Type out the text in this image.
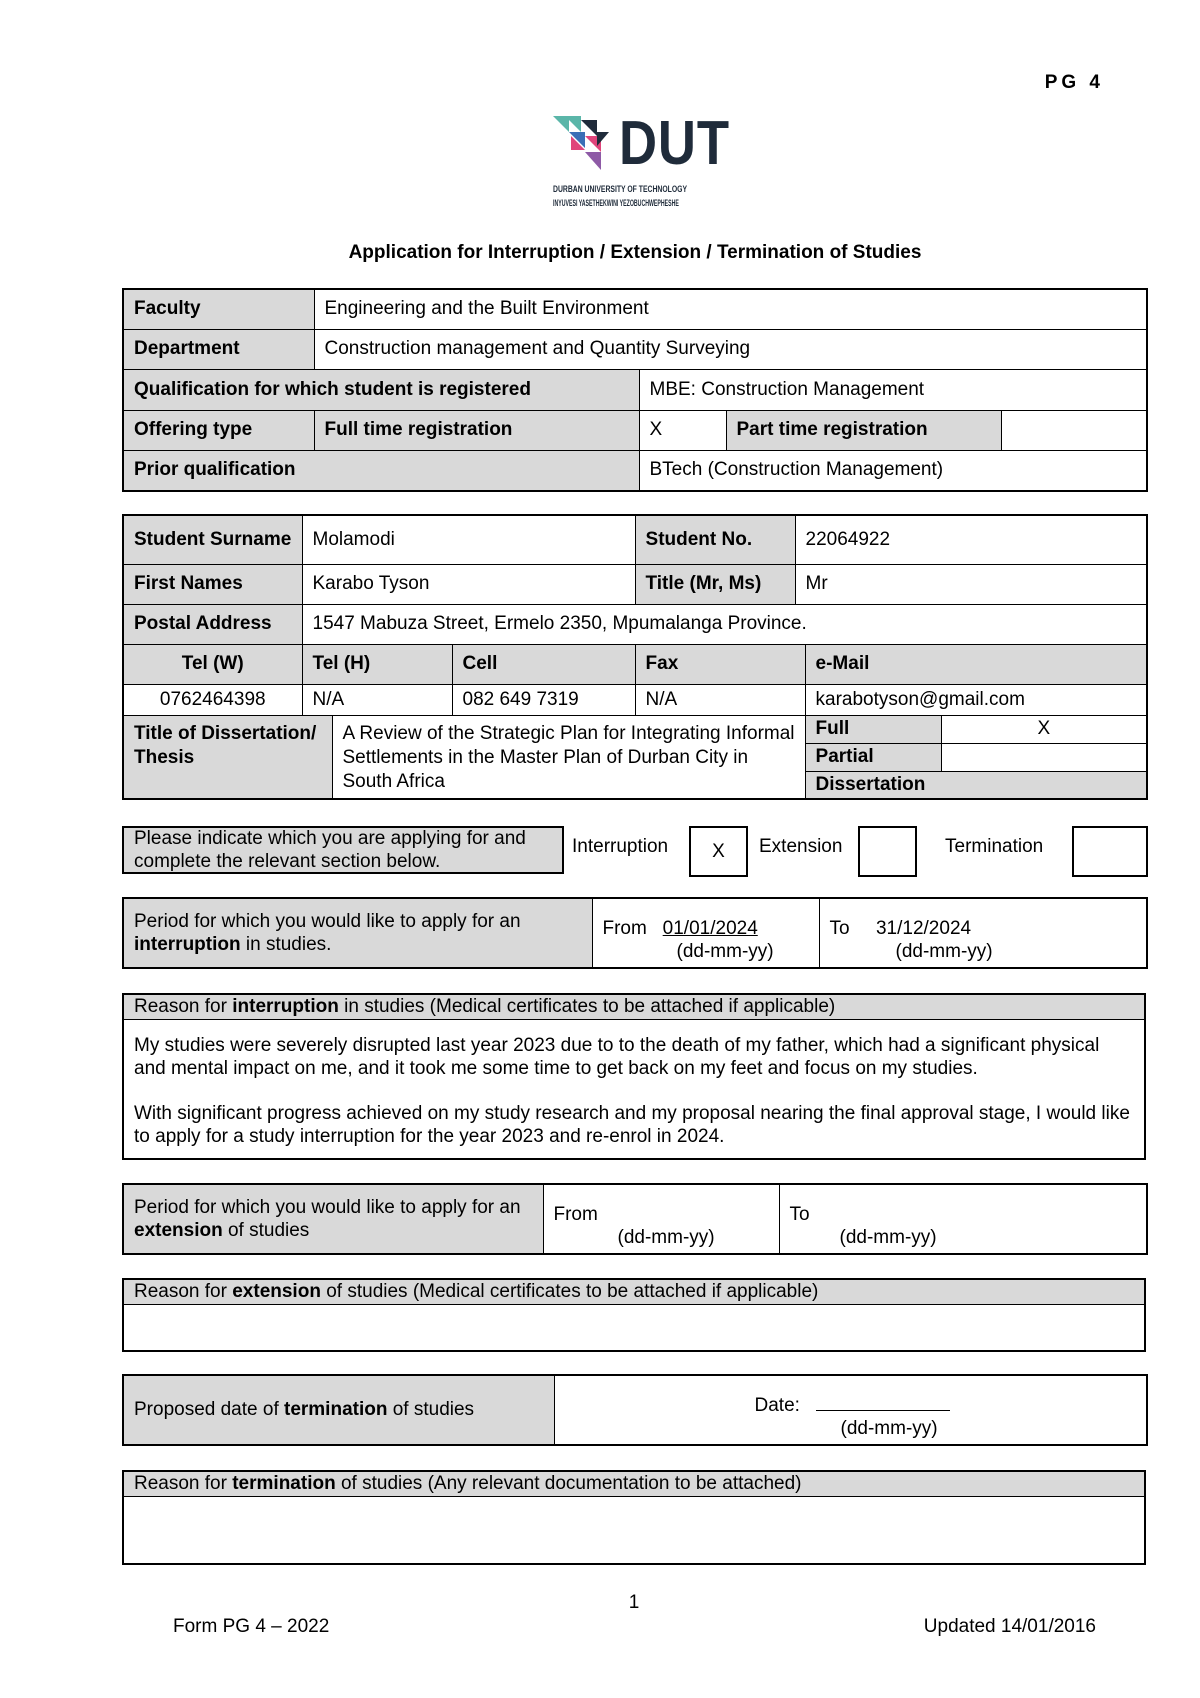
PG 4
DUT
DURBAN UNIVERSITY OF TECHNOLOGY
INYUVESI YASETHEKWINI YEZOBUCHWEPHESHE
Application for Interruption / Extension / Termination of Studies
Faculty	Engineering and the Built Environment			
Department	Construction management and Quantity Surveying			
Qualification for which student is registered		MBE: Construction Management		
Offering type	Full time registration	X	Part time registration	
Prior qualification		BTech (Construction Management)		
Student Surname	Molamodi			Student No.	22064922		
First Names	Karabo Tyson			Title (Mr, Ms)	Mr		
Postal Address	1547 Mabuza Street, Ermelo 2350, Mpumalanga Province.						
Tel (W)	Tel (H)		Cell	Fax		e-Mail	
0762464398	N/A		082 649 7319	N/A		karabotyson@gmail.com	
Title of Dissertation/ Thesis		A Review of the Strategic Plan for Integrating Informal Settlements in the Master Plan of Durban City in South Africa				Full	X
						Partial	
						Dissertation	
Please indicate which you are applying for and complete the relevant section below.
Interruption	X	Extension	Termination
Period for which you would like to apply for an interruption in studies.	From 01/01/2024
(dd-mm-yy)	To 31/12/2024
(dd-mm-yy)
Reason for interruption in studies (Medical certificates to be attached if applicable)

My studies were severely disrupted last year 2023 due to to the death of my father, which had a significant physical and mental impact on me, and it took me some time to get back on my feet and focus on my studies.
With significant progress achieved on my study research and my proposal nearing the final approval stage, I would like to apply for a study interruption for the year 2023 and re-enrol in 2024.
Period for which you would like to apply for an extension of studies	From
(dd-mm-yy)	To
(dd-mm-yy)
Reason for extension of studies (Medical certificates to be attached if applicable)

Proposed date of termination of studies	Date:
(dd-mm-yy)
Reason for termination of studies (Any relevant documentation to be attached)

1
Form PG 4 – 2022	Updated 14/01/2016
